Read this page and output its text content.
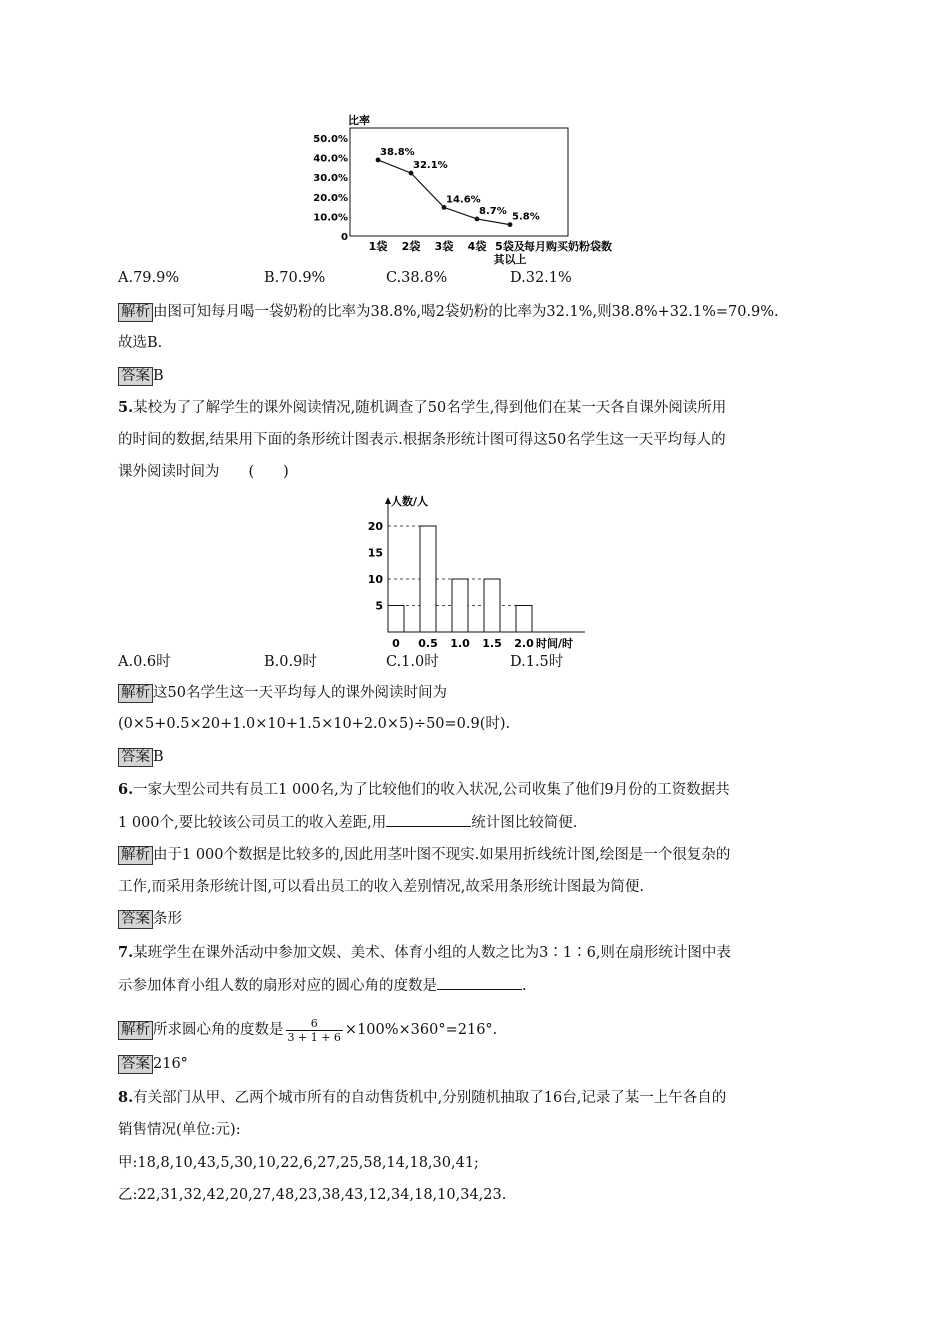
比率
0
10.0%
20.0%
30.0%
40.0%
50.0%
38.8%
32.1%
14.6%
8.7%
5.8%
1袋 2袋 3袋 4袋 5袋及
其以上
每月购买奶粉袋数
A.79.9%	B.70.9%	C.38.8%	D.32.1%
解析 由图可知每月喝一袋奶粉的比率为38.8%,喝2袋奶粉的比率为32.1%,则38.8%+32.1%=70.9%.
故选B.
答案 B
5.某校为了了解学生的课外阅读情况,随机调查了50名学生,得到他们在某一天各自课外阅读所用
的时间的数据,结果用下面的条形统计图表示.根据条形统计图可得这50名学生这一天平均每人的
课外阅读时间为　　(　　)
人数/人
5
10
15
20
0 0.5 1.0 1.5 2.0 时间/时
A.0.6时	B.0.9时	C.1.0时	D.1.5时
解析 这50名学生这一天平均每人的课外阅读时间为
(0×5+0.5×20+1.0×10+1.5×10+2.0×5)÷50=0.9(时).
答案 B
6.一家大型公司共有员工1 000名,为了比较他们的收入状况,公司收集了他们9月份的工资数据共
1 000个,要比较该公司员工的收入差距,用	统计图比较简便.
解析 由于1 000个数据是比较多的,因此用茎叶图不现实.如果用折线统计图,绘图是一个很复杂的
工作,而采用条形统计图,可以看出员工的收入差别情况,故采用条形统计图最为简便.
答案 条形
7.某班学生在课外活动中参加文娱、美术、体育小组的人数之比为3∶1∶6,则在扇形统计图中表
示参加体育小组人数的扇形对应的圆心角的度数是	.
解析 所求圆心角的度数是 $\frac{6}{3 + 1 + 6} \times 100\%\times 360^\circ=216^\circ$.
答案 216°
8.有关部门从甲、乙两个城市所有的自动售货机中,分别随机抽取了16台,记录了某一上午各自的
销售情况(单位:元):
甲:18,8,10,43,5,30,10,22,6,27,25,58,14,18,30,41;
乙:22,31,32,42,20,27,48,23,38,43,12,34,18,10,34,23.
